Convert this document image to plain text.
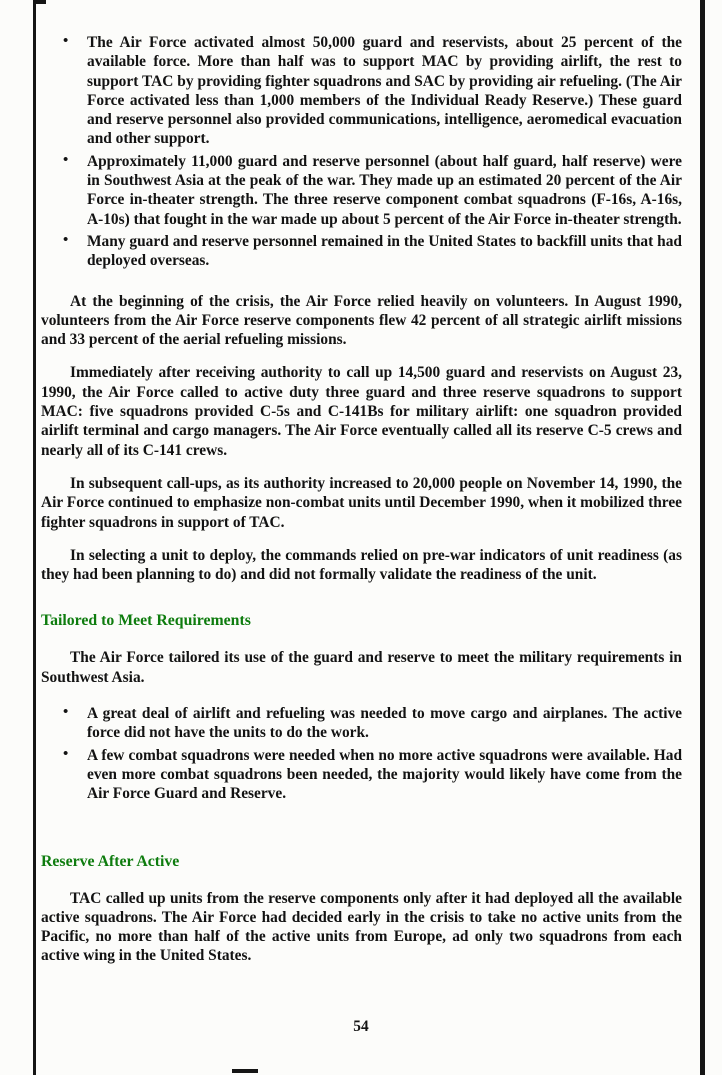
• The Air Force activated almost 50,000 guard and reservists, about 25 percent of the available force. More than half was to support MAC by providing airlift, the rest to support TAC by providing fighter squadrons and SAC by providing air refueling. (The Air Force activated less than 1,000 members of the Individual Ready Reserve.) These guard and reserve personnel also provided communications, intelligence, aeromedical evacuation and other support.
• Approximately 11,000 guard and reserve personnel (about half guard, half reserve) were in Southwest Asia at the peak of the war. They made up an estimated 20 percent of the Air Force in-theater strength. The three reserve component combat squadrons (F-16s, A-16s, A-10s) that fought in the war made up about 5 percent of the Air Force in-theater strength.
• Many guard and reserve personnel remained in the United States to backfill units that had deployed overseas.

At the beginning of the crisis, the Air Force relied heavily on volunteers. In August 1990, volunteers from the Air Force reserve components flew 42 percent of all strategic airlift missions and 33 percent of the aerial refueling missions.

Immediately after receiving authority to call up 14,500 guard and reservists on August 23, 1990, the Air Force called to active duty three guard and three reserve squadrons to support MAC: five squadrons provided C-5s and C-141Bs for military airlift: one squadron provided airlift terminal and cargo managers. The Air Force eventually called all its reserve C-5 crews and nearly all of its C-141 crews.

In subsequent call-ups, as its authority increased to 20,000 people on November 14, 1990, the Air Force continued to emphasize non-combat units until December 1990, when it mobilized three fighter squadrons in support of TAC.

In selecting a unit to deploy, the commands relied on pre-war indicators of unit readiness (as they had been planning to do) and did not formally validate the readiness of the unit.

Tailored to Meet Requirements

The Air Force tailored its use of the guard and reserve to meet the military requirements in Southwest Asia.

• A great deal of airlift and refueling was needed to move cargo and airplanes. The active force did not have the units to do the work.
• A few combat squadrons were needed when no more active squadrons were available. Had even more combat squadrons been needed, the majority would likely have come from the Air Force Guard and Reserve.
Reserve After Active

TAC called up units from the reserve components only after it had deployed all the available active squadrons. The Air Force had decided early in the crisis to take no active units from the Pacific, no more than half of the active units from Europe, ad only two squadrons from each active wing in the United States.

54
